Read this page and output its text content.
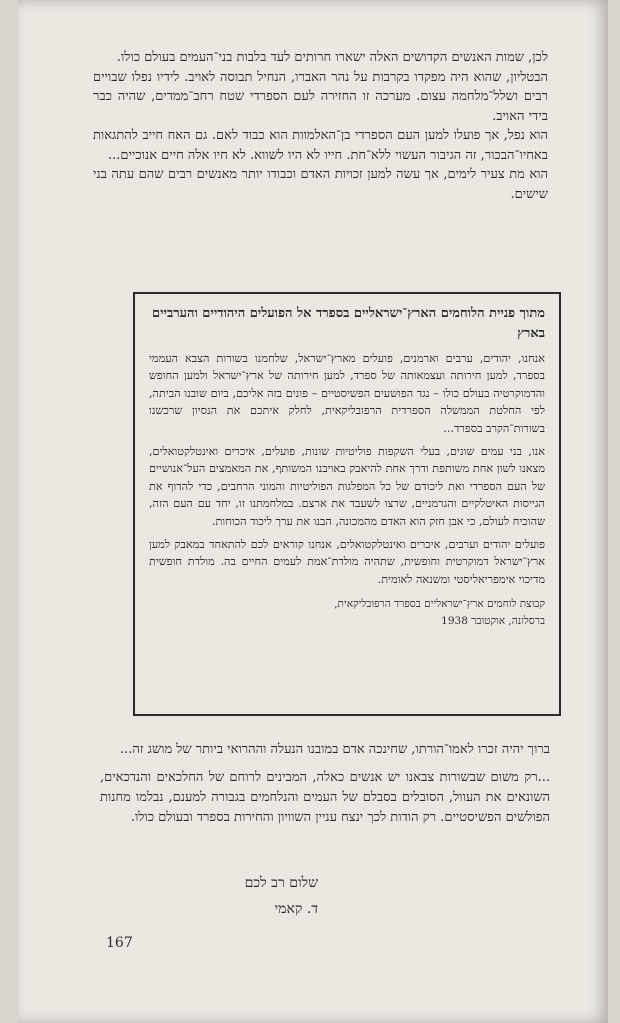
לכן, שמות האנשים הקדושים האלה ישארו חרותים לעד בלבות בני־העמים בעולם כולו.

הבטליון, שהוא היה מפקדו בקרבות על נהר האברו, הנחיל תבוסה לאויב. לידיו נפלו שבויים רבים ושלל־מלחמה עצום. מערכה זו החזירה לעם הספרדי שטח רחב־ממדים, שהיה כבר בידי האויב.

הוא נפל, אך פועלו למען העם הספרדי בן־האלמוות הוא כבוד לאם. גם האח חייב להתגאות באחיו־הבכור, זה הגיבור העשוי ללא־חת. חייו לא היו לשווא. לא חיו אלה חיים אנוכיים...

הוא מת צעיר לימים, אך עשה למען זכויות האדם וכבודו יותר מאנשים רבים שהם עתה בני שישים.

מתוך פניית הלוחמים הארץ־ישראליים בספרד אל הפועלים היהודיים והערביים בארץ

אנחנו, יהודים, ערבים וארמנים, פועלים מארץ־ישראל, שלחמנו בשורות הצבא העממי בספרד, למען חירותה ועצמאותה של ספרד, למען חירותה של ארץ־ישראל ולמען החופש והדמוקרטיה בעולם כולו – נגד הפושעים הפשיסטיים – פונים בזה אליכם, ביום שובנו הביתה, לפי החלטת הממשלה הספרדית הרפובליקאית, לחלק איתכם את הנסיון שרכשנו בשורות־הקרב בספרד...

אנו, בני עמים שונים, בעלי השקפות פוליטיות שונות, פועלים, איכרים ואינטלקטואלים, מצאנו לשון אחת משותפת ודרך אחת להיאבק באויבנו המשותף, את המאמצים העל־אנושיים של העם הספרדי ואת ליכודם של כל המפלגות הפוליטיות והמוני הרחבים, כדי להדוף את הגייסות האיטלקיים והגרמניים, שרצו לשעבד את ארצם. במלחמתנו זו, יחד עם העם הזה, שהוכיח לעולם, כי אבן חזק הוא האדם מהמכונה, הבנו את ערך ליכוד הכוחות.

פועלים יהודים וערבים, איכרים ואינטלקטואלים, אנחנו קוראים לכם להתאחד במאבק למען ארץ־ישראל דמוקרטית וחופשית, שתהיה מולדת־אמת לעמים החיים בה. מולדת חופשית מדיכוי אימפריאליסטי ומשנאה לאומית.

קבוצת לוחמים ארץ־ישראליים בספרד הרפובליקאית,
ברסלונה, אוקטובר 1938

ברוך יהיה זכרו לאמו־הורתו, שחינכה אדם במובנו הנעלה וההרואי ביותר של מושג זה...

...רק משום שבשורות צבאנו יש אנשים כאלה, המבינים לרוחם של החלכאים והנדכאים, השונאים את העוול, הסובלים בסבלם של העמים והנלחמים בגבורה למענם, נבלמו מחנות הפולשים הפשיסטיים. רק הודות לכך ינצח עניין השוויון והחירות בספרד ובעולם כולו.

שלום רב לכם
ד. קאמי
167
